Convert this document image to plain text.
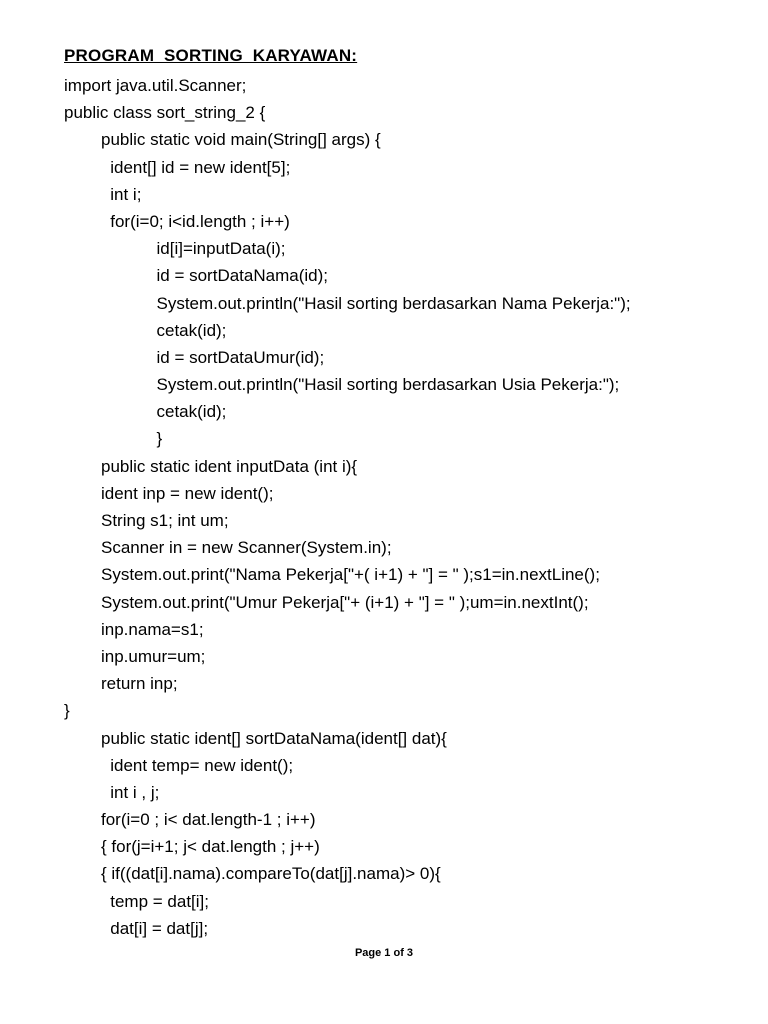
PROGRAM  SORTING  KARYAWAN:
import java.util.Scanner;
public class sort_string_2 {
public static void main(String[] args) {
ident[] id = new ident[5];
int i;
for(i=0; i<id.length ; i++)
id[i]=inputData(i);
id = sortDataNama(id);
System.out.println("Hasil sorting berdasarkan Nama Pekerja:");
cetak(id);
id = sortDataUmur(id);
System.out.println("Hasil sorting berdasarkan Usia Pekerja:");
cetak(id);
}
public static ident inputData (int i){
ident inp = new ident();
String s1; int um;
Scanner in = new Scanner(System.in);
System.out.print("Nama Pekerja["+( i+1) + "] = " );s1=in.nextLine();
System.out.print("Umur Pekerja["+ (i+1) + "] = " );um=in.nextInt();
inp.nama=s1;
inp.umur=um;
return inp;
}
public static ident[] sortDataNama(ident[] dat){
ident temp= new ident();
int i , j;
for(i=0 ; i< dat.length-1 ; i++)
{ for(j=i+1; j< dat.length ; j++)
{ if((dat[i].nama).compareTo(dat[j].nama)> 0){
temp = dat[i];
dat[i] = dat[j];
Page 1 of 3
